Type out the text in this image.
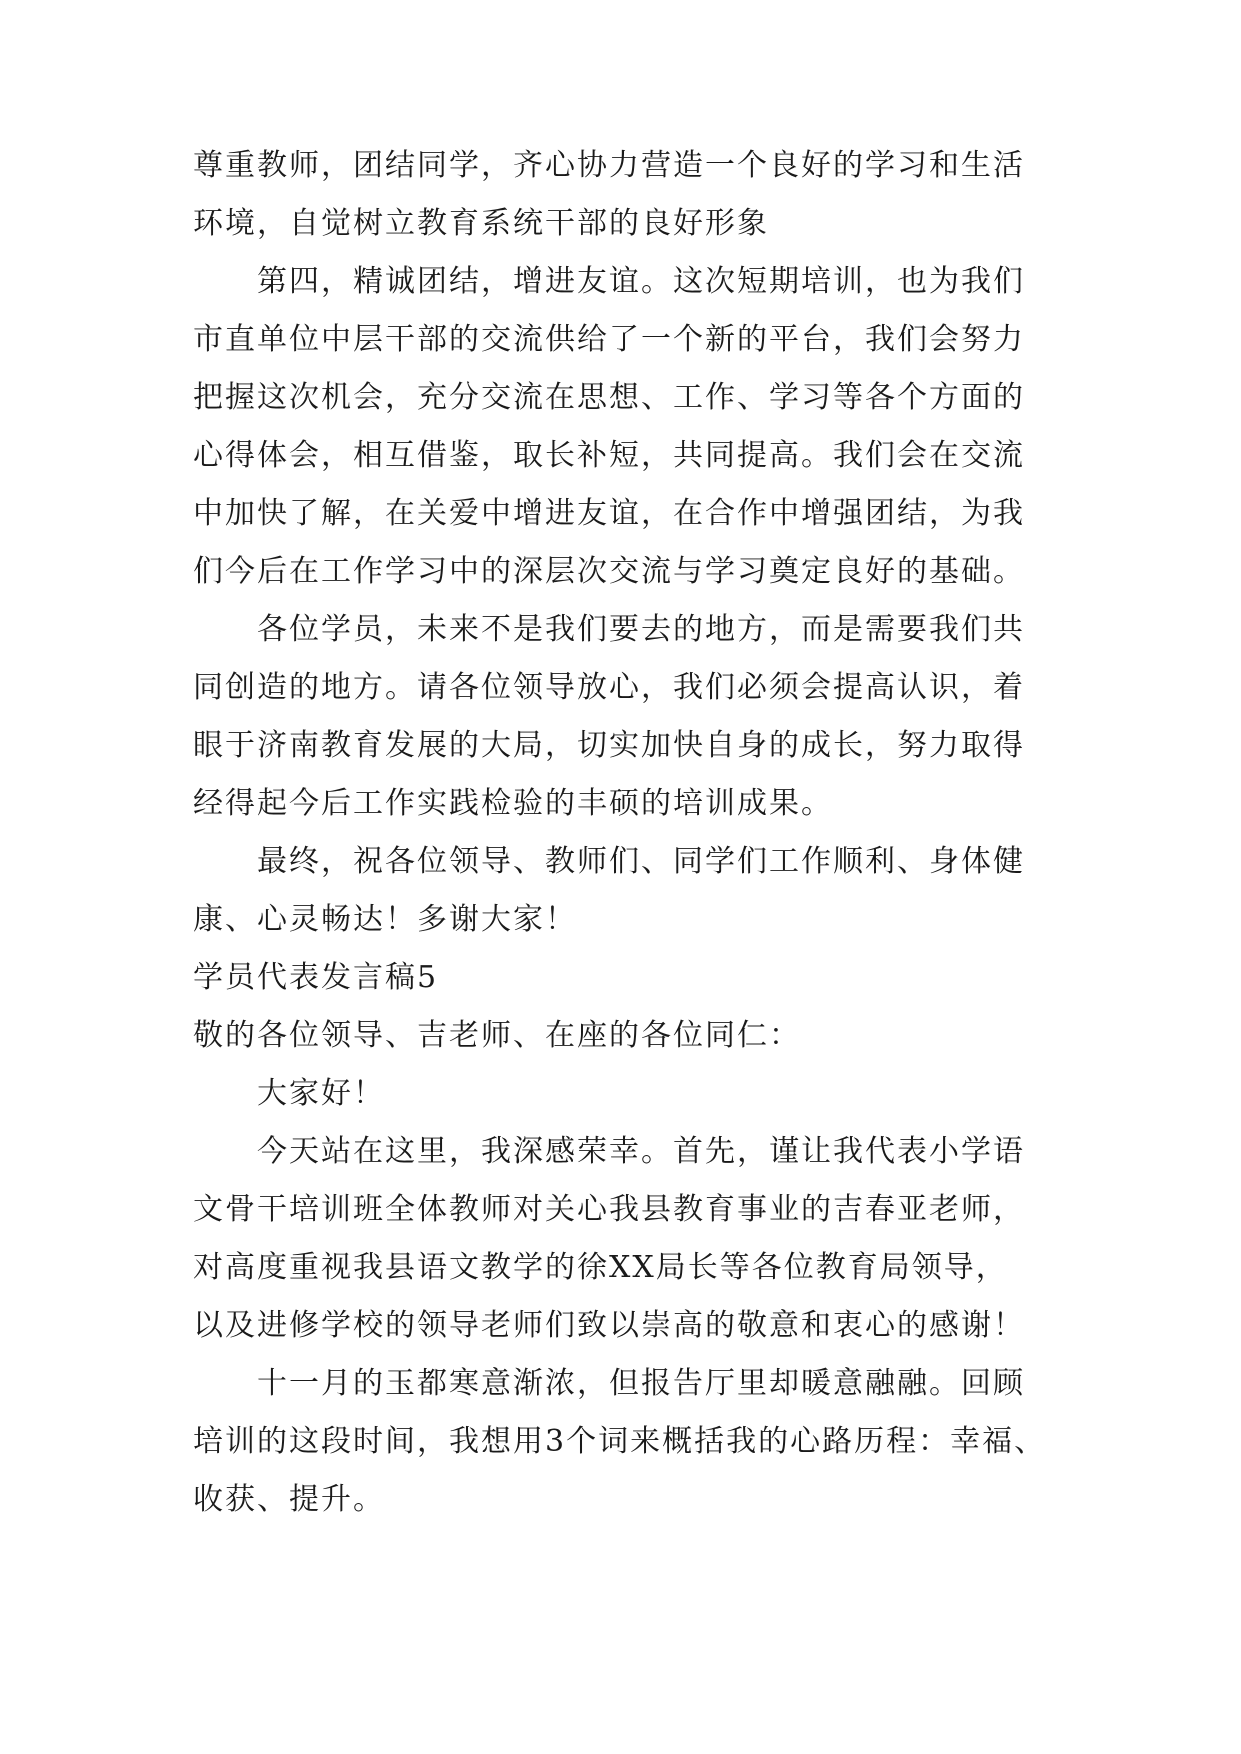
尊重教师，团结同学，齐心协力营造一个良好的学习和生活
环境，自觉树立教育系统干部的良好形象
第四，精诚团结，增进友谊。这次短期培训，也为我们
市直单位中层干部的交流供给了一个新的平台，我们会努力
把握这次机会，充分交流在思想、工作、学习等各个方面的
心得体会，相互借鉴，取长补短，共同提高。我们会在交流
中加快了解，在关爱中增进友谊，在合作中增强团结，为我
们今后在工作学习中的深层次交流与学习奠定良好的基础。
各位学员，未来不是我们要去的地方，而是需要我们共
同创造的地方。请各位领导放心，我们必须会提高认识，着
眼于济南教育发展的大局，切实加快自身的成长，努力取得
经得起今后工作实践检验的丰硕的培训成果。
最终，祝各位领导、教师们、同学们工作顺利、身体健
康、心灵畅达！多谢大家！
学员代表发言稿5
敬的各位领导、吉老师、在座的各位同仁：
大家好！
今天站在这里，我深感荣幸。首先，谨让我代表小学语
文骨干培训班全体教师对关心我县教育事业的吉春亚老师，
对高度重视我县语文教学的徐XX局长等各位教育局领导，
以及进修学校的领导老师们致以崇高的敬意和衷心的感谢！
十一月的玉都寒意渐浓，但报告厅里却暖意融融。回顾
培训的这段时间，我想用3个词来概括我的心路历程：幸福、
收获、提升。
